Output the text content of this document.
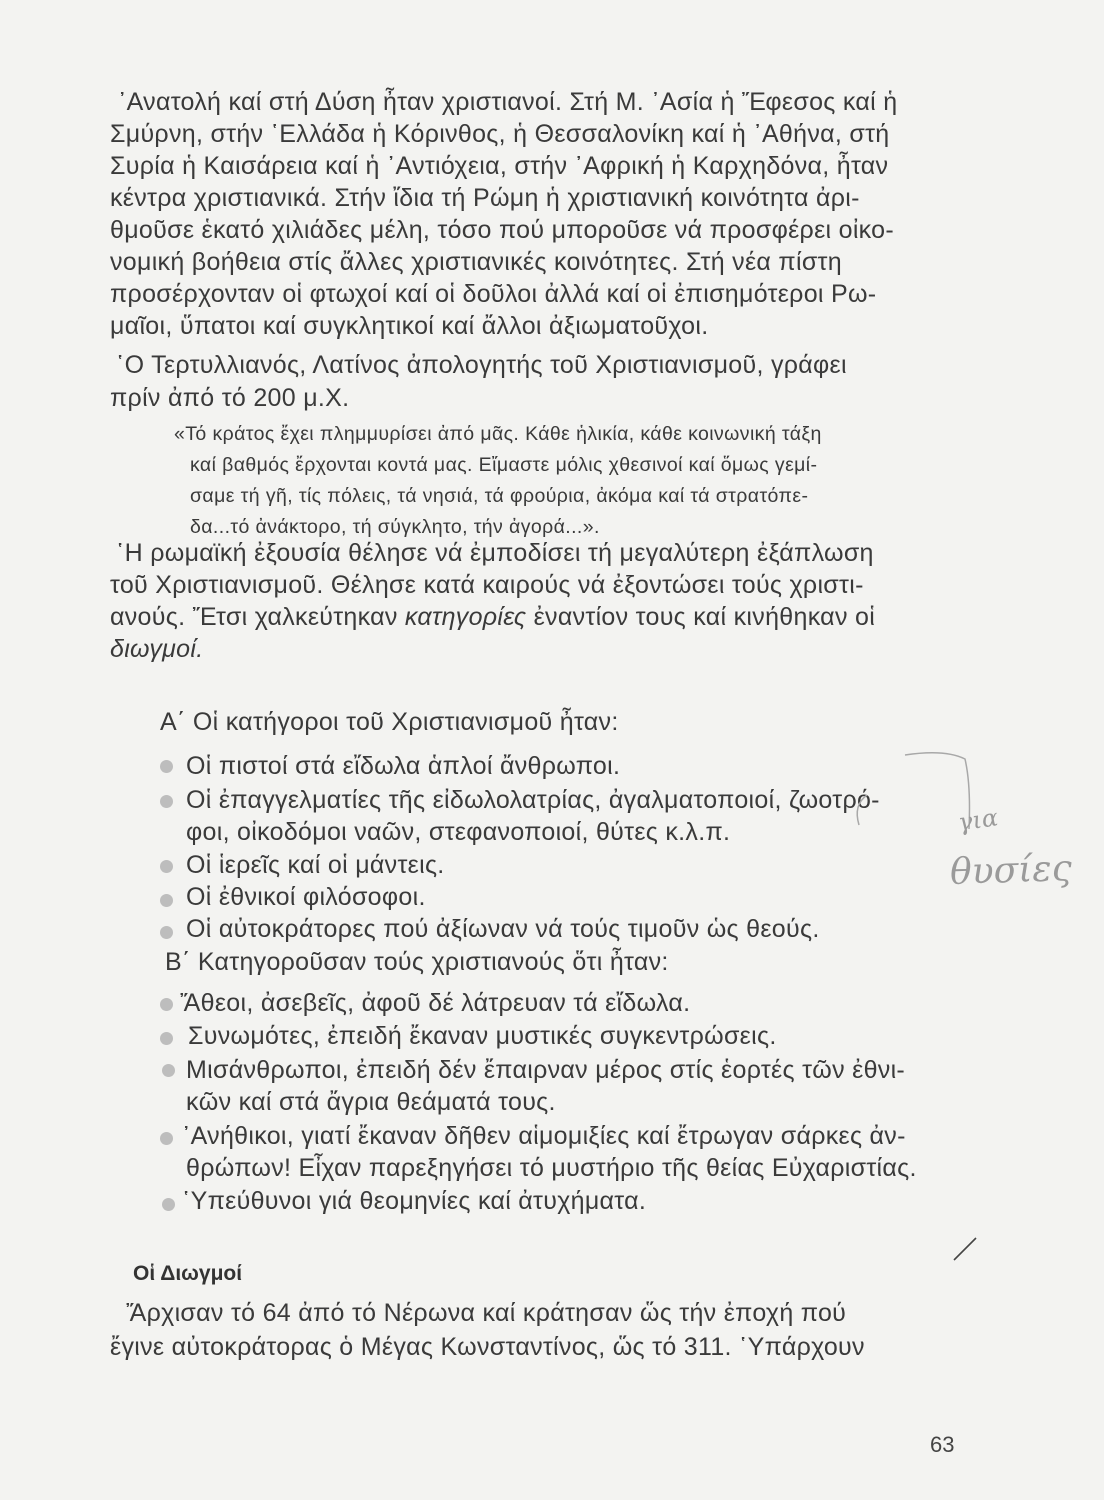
᾿Ανατολή καί στή Δύση ἦταν χριστιανοί. Στή Μ. ᾿Ασία ἡ Ἔφεσος καί ἡ
Σμύρνη, στήν ῾Ελλάδα ἡ Κόρινθος, ἡ Θεσσαλονίκη καί ἡ ᾿Αθήνα, στή
Συρία ἡ Καισάρεια καί ἡ ᾿Αντιόχεια, στήν ᾿Αφρική ἡ Καρχηδόνα, ἦταν
κέντρα χριστιανικά. Στήν ἴδια τή Ρώμη ἡ χριστιανική κοινότητα ἀρι-
θμοῦσε ἑκατό χιλιάδες μέλη, τόσο πού μποροῦσε νά προσφέρει οἰκο-
νομική βοήθεια στίς ἄλλες χριστιανικές κοινότητες. Στή νέα πίστη
προσέρχονταν οἱ φτωχοί καί οἱ δοῦλοι ἀλλά καί οἱ ἐπισημότεροι Ρω-
μαῖοι, ὕπατοι καί συγκλητικοί καί ἄλλοι ἀξιωματοῦχοι.
῾Ο Τερτυλλιανός, Λατίνος ἀπολογητής τοῦ Χριστιανισμοῦ, γράφει
πρίν ἀπό τό 200 μ.Χ.
«Τό κράτος ἔχει πλημμυρίσει ἀπό μᾶς. Κάθε ἡλικία, κάθε κοινωνική τάξη
καί βαθμός ἔρχονται κοντά μας. Εἴμαστε μόλις χθεσινοί καί ὅμως γεμί-
σαμε τή γῆ, τίς πόλεις, τά νησιά, τά φρούρια, ἀκόμα καί τά στρατόπε-
δα...τό ἀνάκτορο, τή σύγκλητο, τήν ἀγορά...».
῾Η ρωμαϊκή ἐξουσία θέλησε νά ἐμποδίσει τή μεγαλύτερη ἐξάπλωση
τοῦ Χριστιανισμοῦ. Θέλησε κατά καιρούς νά ἐξοντώσει τούς χριστι-
ανούς. Ἔτσι χαλκεύτηκαν κατηγορίες ἐναντίον τους καί κινήθηκαν οἱ
διωγμοί.
Α΄ Οἱ κατήγοροι τοῦ Χριστιανισμοῦ ἦταν:
Οἱ πιστοί στά εἴδωλα ἁπλοί ἄνθρωποι.
Οἱ ἐπαγγελματίες τῆς εἰδωλολατρίας, ἀγαλματοποιοί, ζωοτρό-
φοι, οἰκοδόμοι ναῶν, στεφανοποιοί, θύτες κ.λ.π.
Οἱ ἱερεῖς καί οἱ μάντεις.
Οἱ ἐθνικοί φιλόσοφοι.
Οἱ αὐτοκράτορες πού ἀξίωναν νά τούς τιμοῦν ὡς θεούς.
Β΄ Κατηγοροῦσαν τούς χριστιανούς ὅτι ἦταν:
Ἄθεοι, ἀσεβεῖς, ἀφοῦ δέ λάτρευαν τά εἴδωλα.
Συνωμότες, ἐπειδή ἔκαναν μυστικές συγκεντρώσεις.
Μισάνθρωποι, ἐπειδή δέν ἔπαιρναν μέρος στίς ἑορτές τῶν ἐθνι-
κῶν καί στά ἄγρια θεάματά τους.
᾿Ανήθικοι, γιατί ἔκαναν δῆθεν αἱμομιξίες καί ἔτρωγαν σάρκες ἀν-
θρώπων! Εἶχαν παρεξηγήσει τό μυστήριο τῆς θείας Εὐχαριστίας.
῾Υπεύθυνοι γιά θεομηνίες καί ἀτυχήματα.
Οἱ Διωγμοί
Ἄρχισαν τό 64 ἀπό τό Νέρωνα καί κράτησαν ὥς τήν ἐποχή πού
ἔγινε αὐτοκράτορας ὁ Μέγας Κωνσταντίνος, ὥς τό 311. ῾Υπάρχουν
για
θυσίες
63
